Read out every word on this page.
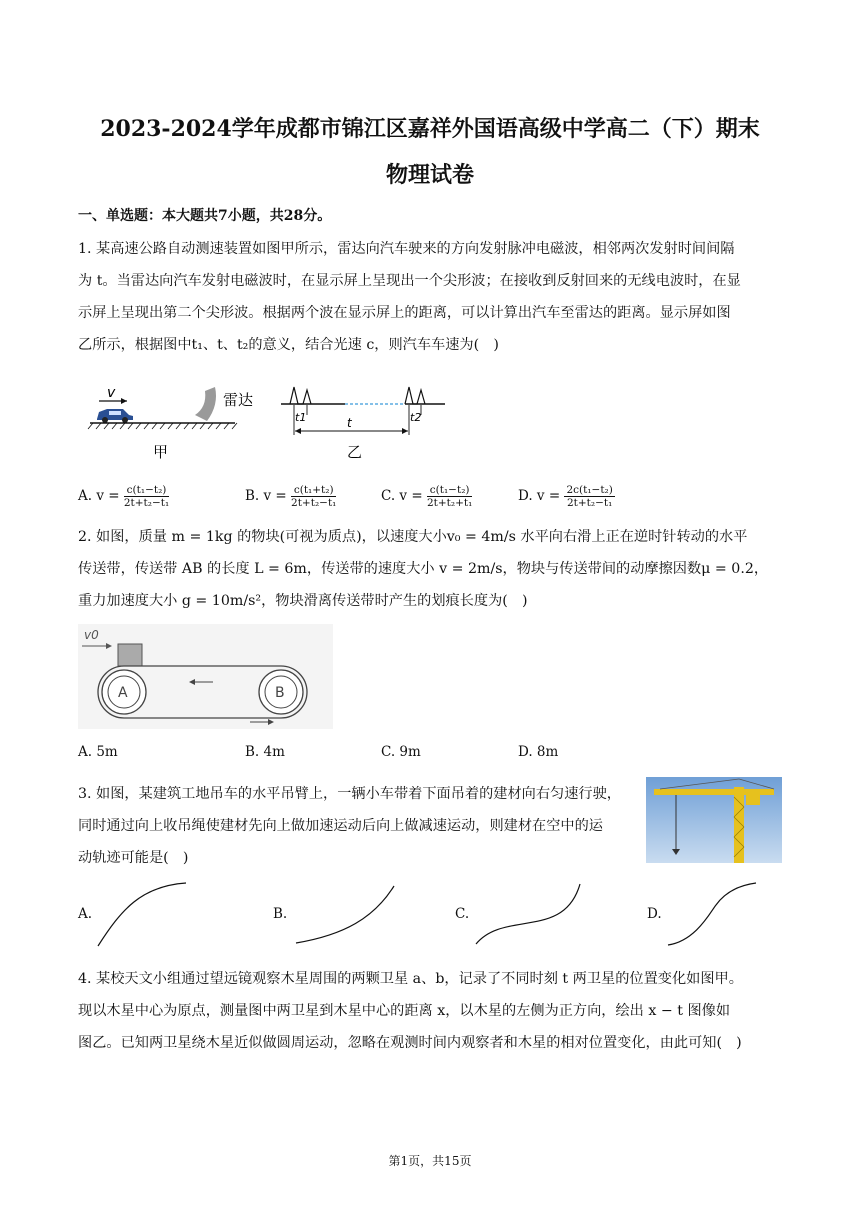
2023-2024学年成都市锦江区嘉祥外国语高级中学高二（下）期末
物理试卷
一、单选题：本大题共7小题，共28分。
1. 某高速公路自动测速装置如图甲所示，雷达向汽车驶来的方向发射脉冲电磁波，相邻两次发射时间间隔
为 t。当雷达向汽车发射电磁波时，在显示屏上呈现出一个尖形波；在接收到反射回来的无线电波时，在显
示屏上呈现出第二个尖形波。根据两个波在显示屏上的距离，可以计算出汽车至雷达的距离。显示屏如图
乙所示，根据图中t₁、t、t₂的意义，结合光速 c，则汽车车速为(　)
v	雷达
甲
t1	t2
t
乙
A. $v = \frac{\text{c(t₁−t₂)}}{\text{2t+t₂−t₁}}$	B. $v = \frac{\text{c(t₁+t₂)}}{\text{2t+t₂−t₁}}$	C. $v = \frac{\text{c(t₁−t₂)}}{\text{2t+t₂+t₁}}$	D. $v = \frac{\text{2c(t₁−t₂)}}{\text{2t+t₂−t₁}}$
2. 如图，质量 m = 1kg 的物块(可视为质点)，以速度大小v₀ = 4m/s 水平向右滑上正在逆时针转动的水平
传送带，传送带 AB 的长度 L = 6m，传送带的速度大小 v = 2m/s，物块与传送带间的动摩擦因数μ = 0.2，
重力加速度大小 g = 10m/s²，物块滑离传送带时产生的划痕长度为(　)
v0
A	B
A. 5m	B. 4m	C. 9m	D. 8m
3. 如图，某建筑工地吊车的水平吊臂上，一辆小车带着下面吊着的建材向右匀速行驶，
同时通过向上收吊绳使建材先向上做加速运动后向上做减速运动，则建材在空中的运
动轨迹可能是(　)
A.	B.	C.	D.
4. 某校天文小组通过望远镜观察木星周围的两颗卫星 a、b，记录了不同时刻 t 两卫星的位置变化如图甲。
现以木星中心为原点，测量图中两卫星到木星中心的距离 x，以木星的左侧为正方向，绘出 x − t 图像如
图乙。已知两卫星绕木星近似做圆周运动，忽略在观测时间内观察者和木星的相对位置变化，由此可知(　)
第1页，共15页
